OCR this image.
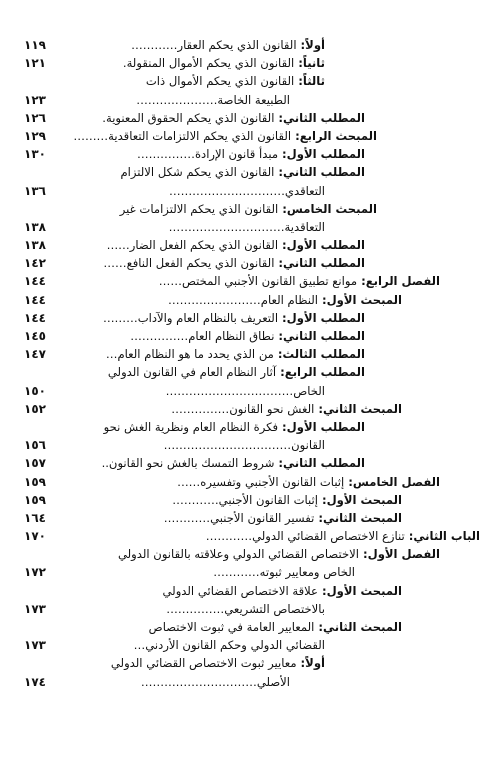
أولاً:القانون الذي يحكم العقار…………
١١٩
ثانياً:القانون الذي يحكم الأموال المنقولة.
١٢١
ثالثاً:القانون الذي يحكم الأموال ذات
الطبيعة الخاصة…………………
١٢٣
المطلب الثاني:القانون الذي يحكم الحقوق المعنوية.
١٢٦
المبحث الرابع:القانون الذي يحكم الالتزامات التعاقدية………
١٢٩
المطلب الأول:مبدأ قانون الإرادة……………
١٣٠
المطلب الثاني:القانون الذي يحكم شكل الالتزام
التعاقدي…………………………
١٣٦
المبحث الخامس:القانون الذي يحكم الالتزامات غير
التعاقدية…………………………
١٣٨
المطلب الأول:القانون الذي يحكم الفعل الضار……
١٣٨
المطلب الثاني:القانون الذي يحكم الفعل النافع……
١٤٢
الفصل الرابع:موانع تطبيق القانون الأجنبي المختص……
١٤٤
المبحث الأول:النظام العام……………………
١٤٤
المطلب الأول:التعريف بالنظام العام والآداب………
١٤٤
المطلب الثاني:نطاق النظام العام……………
١٤٥
المطلب الثالث:من الذي يحدد ما هو النظام العام…
١٤٧
المطلب الرابع:آثار النظام العام في القانون الدولي
الخاص……………………………
١٥٠
المبحث الثاني:الغش نحو القانون……………
١٥٢
المطلب الأول:فكرة النظام العام ونظرية الغش نحو
القانون……………………………
١٥٦
المطلب الثاني:شروط التمسك بالغش نحو القانون..
١٥٧
الفصل الخامس:إثبات القانون الأجنبي وتفسيره……
١٥٩
المبحث الأول:إثبات القانون الأجنبي…………
١٥٩
المبحث الثاني:تفسير القانون الأجنبي…………
١٦٤
الباب الثاني:تنازع الاختصاص القضائي الدولي…………
١٧٠
الفصل الأول:الاختصاص القضائي الدولي وعلاقته بالقانون الدولي
الخاص ومعايير ثبوته…………
١٧٢
المبحث الأول:علاقة الاختصاص القضائي الدولي
بالاختصاص التشريعي……………
١٧٣
المبحث الثاني:المعايير العامة في ثبوت الاختصاص
القضائي الدولي وحكم القانون الأردني…
١٧٣
أولاً:معايير ثبوت الاختصاص القضائي الدولي
الأصلي…………………………
١٧٤
